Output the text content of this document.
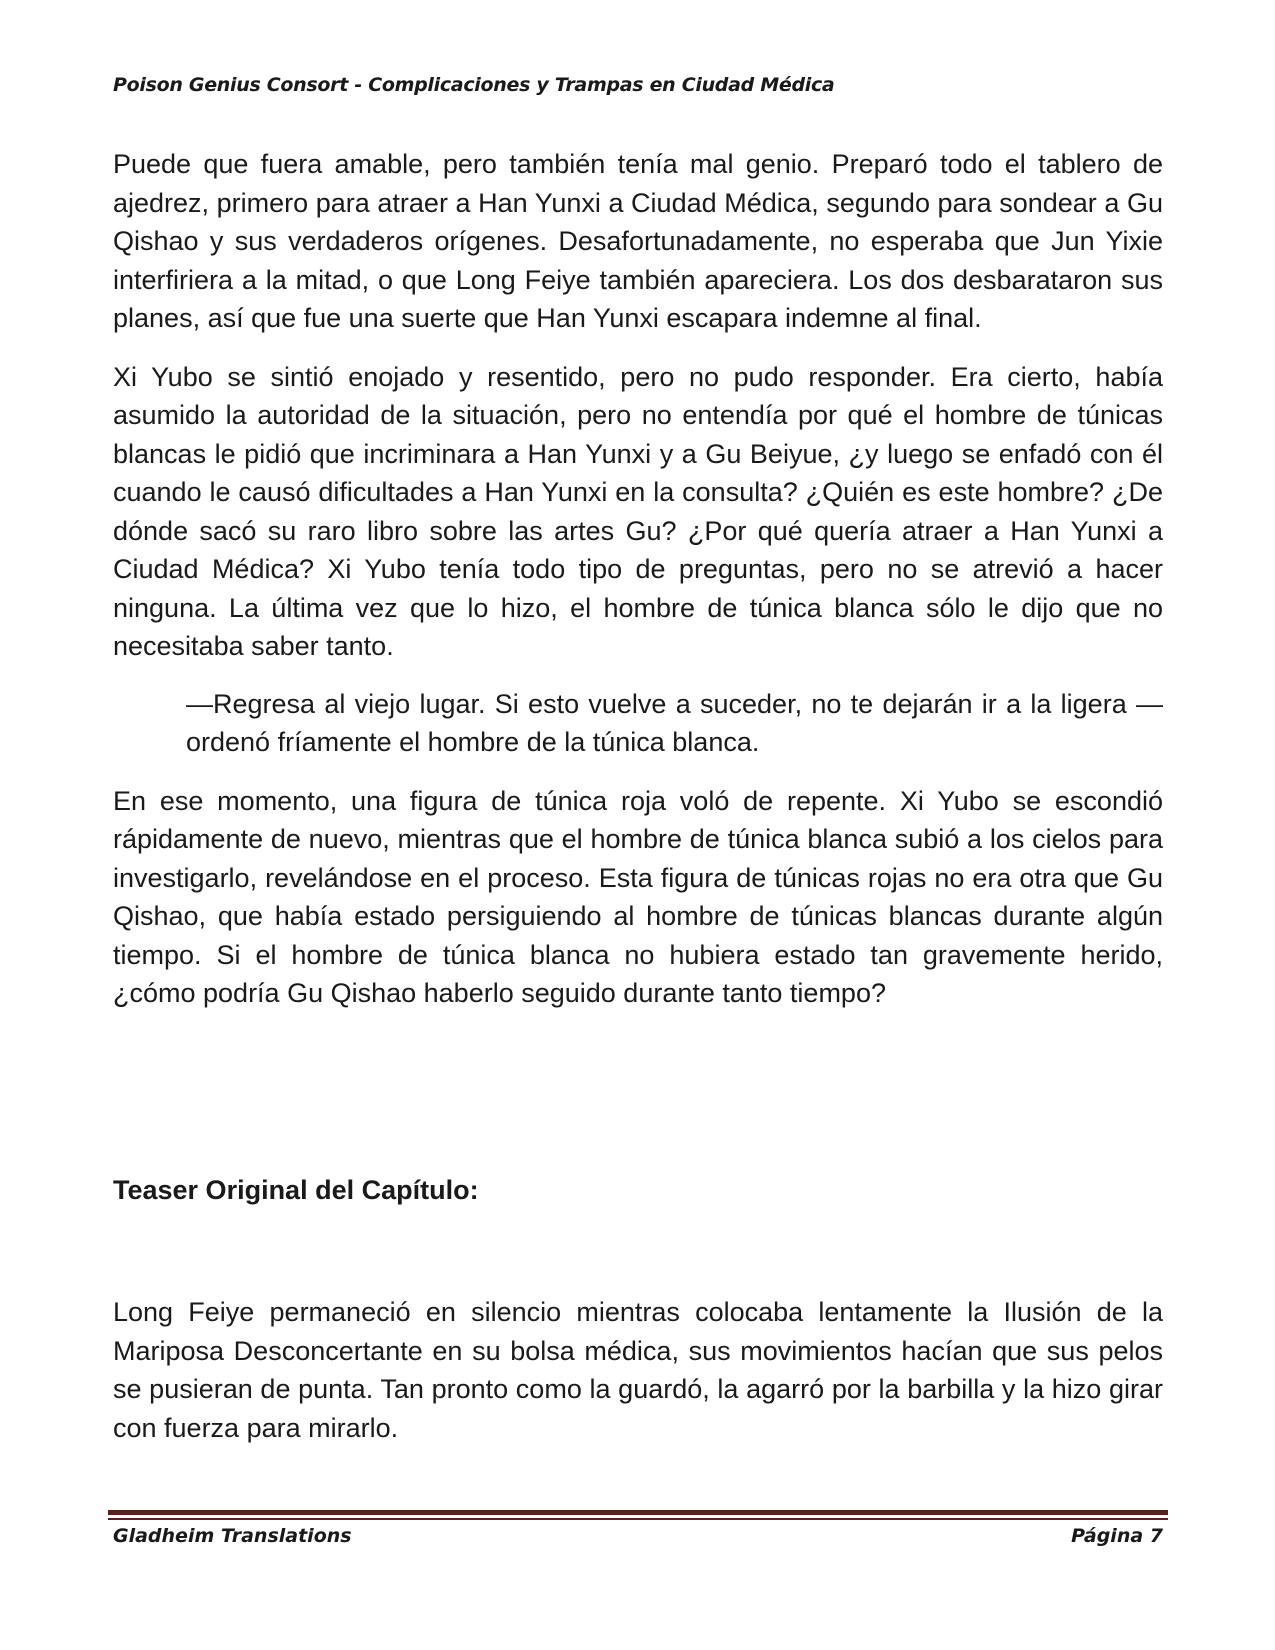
Poison Genius Consort - Complicaciones y Trampas en Ciudad Médica

Puede que fuera amable, pero también tenía mal genio. Preparó todo el tablero de ajedrez, primero para atraer a Han Yunxi a Ciudad Médica, segundo para sondear a Gu Qishao y sus verdaderos orígenes. Desafortunadamente, no esperaba que Jun Yixie interfiriera a la mitad, o que Long Feiye también apareciera. Los dos desbarataron sus planes, así que fue una suerte que Han Yunxi escapara indemne al final.

Xi Yubo se sintió enojado y resentido, pero no pudo responder. Era cierto, había asumido la autoridad de la situación, pero no entendía por qué el hombre de túnicas blancas le pidió que incriminara a Han Yunxi y a Gu Beiyue, ¿y luego se enfadó con él cuando le causó dificultades a Han Yunxi en la consulta? ¿Quién es este hombre? ¿De dónde sacó su raro libro sobre las artes Gu? ¿Por qué quería atraer a Han Yunxi a Ciudad Médica? Xi Yubo tenía todo tipo de preguntas, pero no se atrevió a hacer ninguna. La última vez que lo hizo, el hombre de túnica blanca sólo le dijo que no necesitaba saber tanto.

—Regresa al viejo lugar. Si esto vuelve a suceder, no te dejarán ir a la ligera —ordenó fríamente el hombre de la túnica blanca.

En ese momento, una figura de túnica roja voló de repente. Xi Yubo se escondió rápidamente de nuevo, mientras que el hombre de túnica blanca subió a los cielos para investigarlo, revelándose en el proceso. Esta figura de túnicas rojas no era otra que Gu Qishao, que había estado persiguiendo al hombre de túnicas blancas durante algún tiempo. Si el hombre de túnica blanca no hubiera estado tan gravemente herido, ¿cómo podría Gu Qishao haberlo seguido durante tanto tiempo?

Teaser Original del Capítulo:

Long Feiye permaneció en silencio mientras colocaba lentamente la Ilusión de la Mariposa Desconcertante en su bolsa médica, sus movimientos hacían que sus pelos se pusieran de punta. Tan pronto como la guardó, la agarró por la barbilla y la hizo girar con fuerza para mirarlo.

Gladheim Translations	Página 7
